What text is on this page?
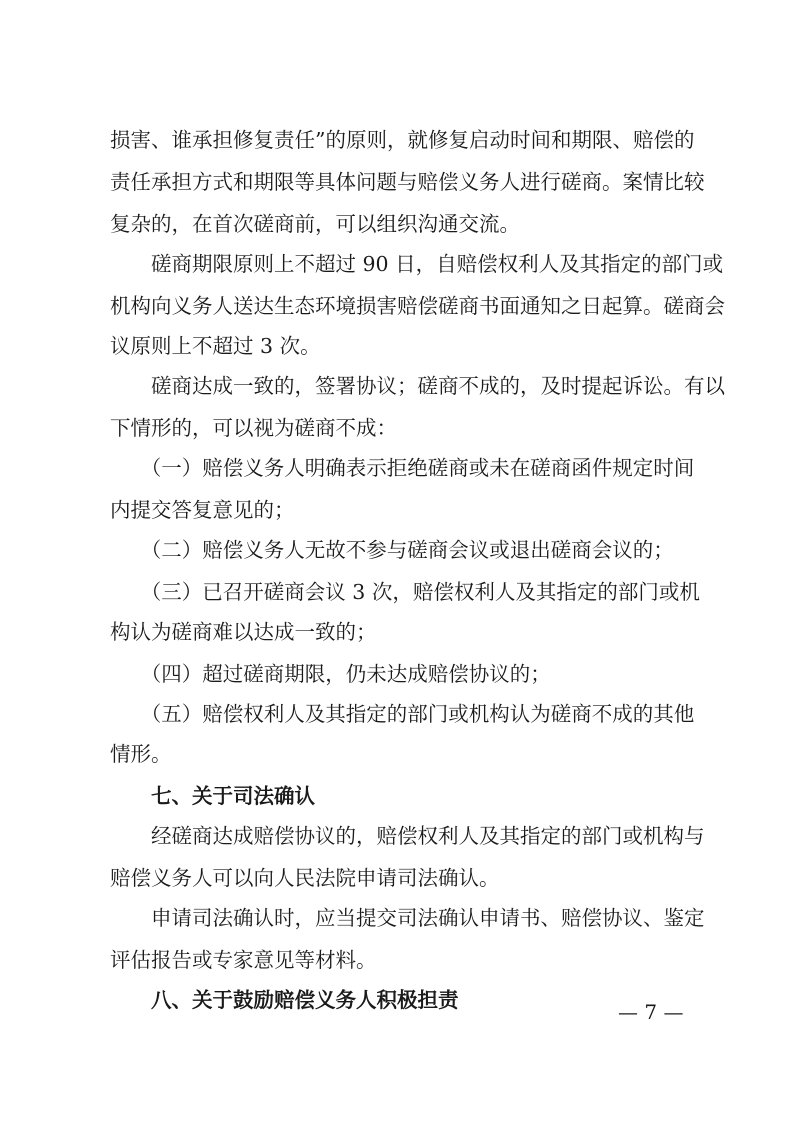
损害、谁承担修复责任”的原则，就修复启动时间和期限、赔偿的
责任承担方式和期限等具体问题与赔偿义务人进行磋商。案情比较
复杂的，在首次磋商前，可以组织沟通交流。
　　磋商期限原则上不超过 90 日，自赔偿权利人及其指定的部门或
机构向义务人送达生态环境损害赔偿磋商书面通知之日起算。磋商会
议原则上不超过 3 次。
　　磋商达成一致的，签署协议；磋商不成的，及时提起诉讼。有以
下情形的，可以视为磋商不成：
　　（一）赔偿义务人明确表示拒绝磋商或未在磋商函件规定时间
内提交答复意见的；
　　（二）赔偿义务人无故不参与磋商会议或退出磋商会议的；
　　（三）已召开磋商会议 3 次，赔偿权利人及其指定的部门或机
构认为磋商难以达成一致的；
　　（四）超过磋商期限，仍未达成赔偿协议的；
　　（五）赔偿权利人及其指定的部门或机构认为磋商不成的其他
情形。
　　七、关于司法确认
　　经磋商达成赔偿协议的，赔偿权利人及其指定的部门或机构与
赔偿义务人可以向人民法院申请司法确认。
　　申请司法确认时，应当提交司法确认申请书、赔偿协议、鉴定
评估报告或专家意见等材料。
　　八、关于鼓励赔偿义务人积极担责	— 7 —
